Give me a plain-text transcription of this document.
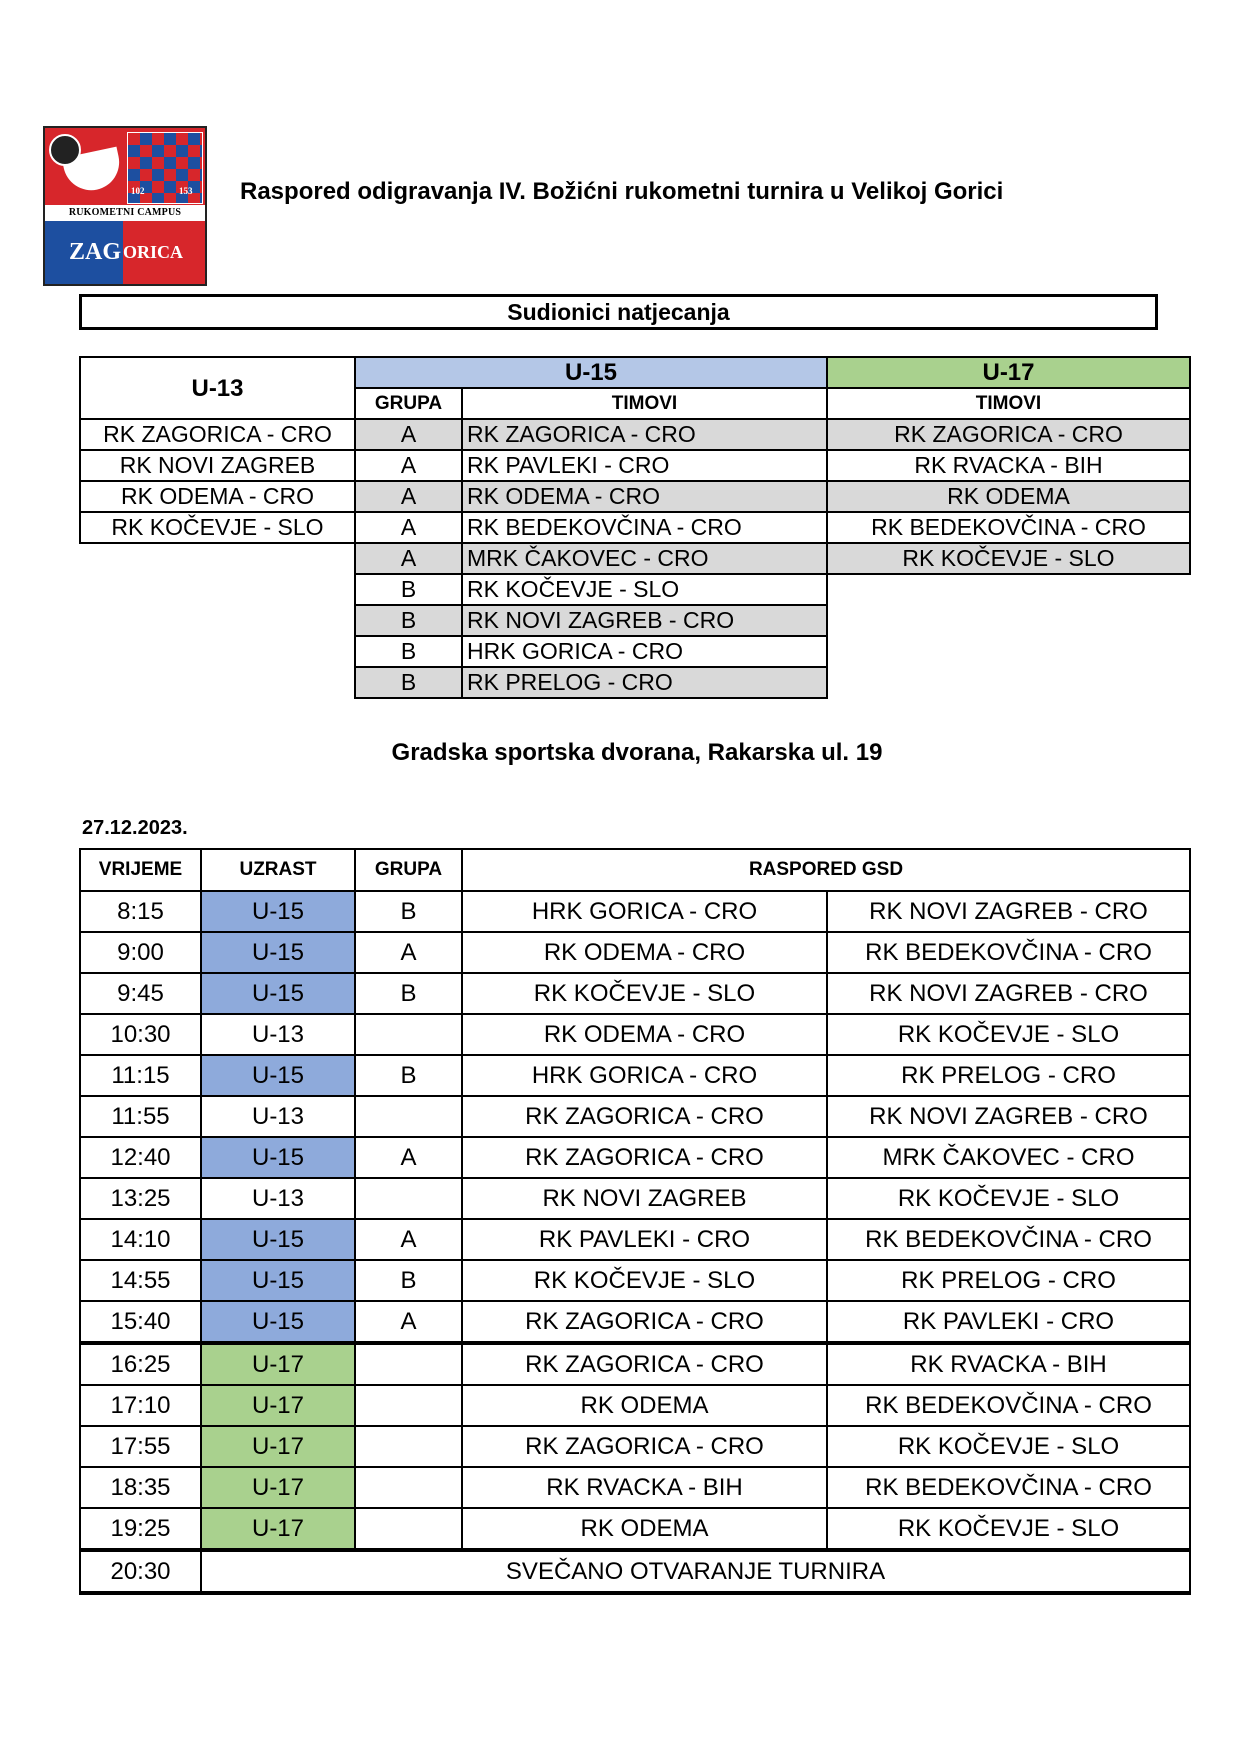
102	153
RUKOMETNI CAMPUS
ZAG ORICA
Raspored odigravanja IV. Božićni rukometni turnira u Velikoj Gorici
Sudionici natjecanja
U-13	U-15		U-17
	GRUPA	TIMOVI	TIMOVI
RK ZAGORICA - CRO	A	RK ZAGORICA - CRO	RK ZAGORICA - CRO
RK NOVI ZAGREB	A	RK PAVLEKI - CRO	RK RVACKA - BIH
RK ODEMA - CRO	A	RK ODEMA - CRO	RK ODEMA
RK KOČEVJE - SLO	A	RK BEDEKOVČINA - CRO	RK BEDEKOVČINA - CRO
	A	MRK ČAKOVEC - CRO	RK KOČEVJE - SLO
	B	RK KOČEVJE - SLO	
	B	RK NOVI ZAGREB - CRO	
	B	HRK GORICA - CRO	
	B	RK PRELOG - CRO	
Gradska sportska dvorana, Rakarska ul. 19
27.12.2023.
VRIJEME	UZRAST	GRUPA	RASPORED GSD	
8:15	U-15	B	HRK GORICA - CRO	RK NOVI ZAGREB - CRO
9:00	U-15	A	RK ODEMA - CRO	RK BEDEKOVČINA - CRO
9:45	U-15	B	RK KOČEVJE - SLO	RK NOVI ZAGREB - CRO
10:30	U-13		RK ODEMA - CRO	RK KOČEVJE - SLO
11:15	U-15	B	HRK GORICA - CRO	RK PRELOG - CRO
11:55	U-13		RK ZAGORICA - CRO	RK NOVI ZAGREB - CRO
12:40	U-15	A	RK ZAGORICA - CRO	MRK ČAKOVEC - CRO
13:25	U-13		RK NOVI ZAGREB	RK KOČEVJE - SLO
14:10	U-15	A	RK PAVLEKI - CRO	RK BEDEKOVČINA - CRO
14:55	U-15	B	RK KOČEVJE - SLO	RK PRELOG - CRO
15:40	U-15	A	RK ZAGORICA - CRO	RK PAVLEKI - CRO
16:25	U-17		RK ZAGORICA - CRO	RK RVACKA - BIH
17:10	U-17		RK ODEMA	RK BEDEKOVČINA - CRO
17:55	U-17		RK ZAGORICA - CRO	RK KOČEVJE - SLO
18:35	U-17		RK RVACKA - BIH	RK BEDEKOVČINA - CRO
19:25	U-17		RK ODEMA	RK KOČEVJE - SLO
20:30	SVEČANO OTVARANJE TURNIRA			
